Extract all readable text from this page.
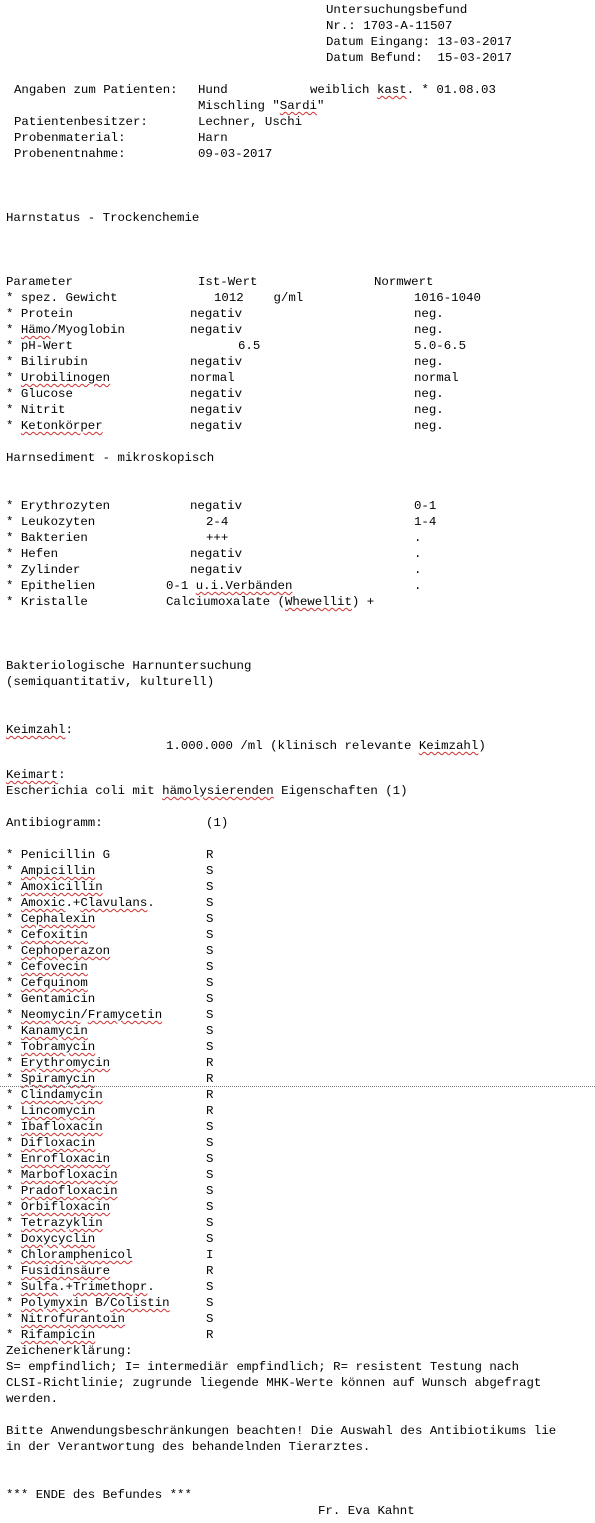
Untersuchungsbefund
Nr.: 1703-A-11507
Datum Eingang: 13-03-2017
Datum Befund: 15-03-2017
Angaben zum Patienten: Hund	weiblich kast. * 01.08.03
Mischling "Sardi"
Patientenbesitzer:	Lechner, Uschi
Probenmaterial:	Harn
Probenentnahme:	09-03-2017
Harnstatus - Trockenchemie
Parameter	Ist-Wert	Normwert
* spez. Gewicht	1012    g/ml	1016-1040
* Protein	negativ	neg.
* Hämo/Myoglobin	negativ	neg.
* pH-Wert	6.5	5.0-6.5
* Bilirubin	negativ	neg.
* Urobilinogen	normal	normal
* Glucose	negativ	neg.
* Nitrit	negativ	neg.
* Ketonkörper	negativ	neg.
Harnsediment - mikroskopisch
* Erythrozyten	negativ	0-1
* Leukozyten	2-4	1-4
* Bakterien	+++	.
* Hefen	negativ	.
* Zylinder	negativ	.
* Epithelien	0-1 u.i.Verbänden	.
* Kristalle	Calciumoxalate (Whewellit) +
Bakteriologische Harnuntersuchung
(semiquantitativ, kulturell)
Keimzahl:
1.000.000 /ml (klinisch relevante Keimzahl)
Keimart:
Escherichia coli mit hämolysierenden Eigenschaften (1)
Antibiogramm:	(1)
* Penicillin G	R
* Ampicillin	S
* Amoxicillin	S
* Amoxic.+Clavulans.	S
* Cephalexin	S
* Cefoxitin	S
* Cephoperazon	S
* Cefovecin	S
* Cefquinom	S
* Gentamicin	S
* Neomycin/Framycetin	S
* Kanamycin	S
* Tobramycin	S
* Erythromycin	R
* Spiramycin	R
* Clindamycin	R
* Lincomycin	R
* Ibafloxacin	S
* Difloxacin	S
* Enrofloxacin	S
* Marbofloxacin	S
* Pradofloxacin	S
* Orbifloxacin	S
* Tetrazyklin	S
* Doxycyclin	S
* Chloramphenicol	I
* Fusidinsäure	R
* Sulfa.+Trimethopr.	S
* Polymyxin B/Colistin	S
* Nitrofurantoin	S
* Rifampicin	R
Zeichenerklärung:
S= empfindlich; I= intermediär empfindlich; R= resistent Testung nach
CLSI-Richtlinie; zugrunde liegende MHK-Werte können auf Wunsch abgefragt
werden.
Bitte Anwendungsbeschränkungen beachten! Die Auswahl des Antibiotikums lie
in der Verantwortung des behandelnden Tierarztes.
*** ENDE des Befundes ***
Fr. Eva Kahnt
